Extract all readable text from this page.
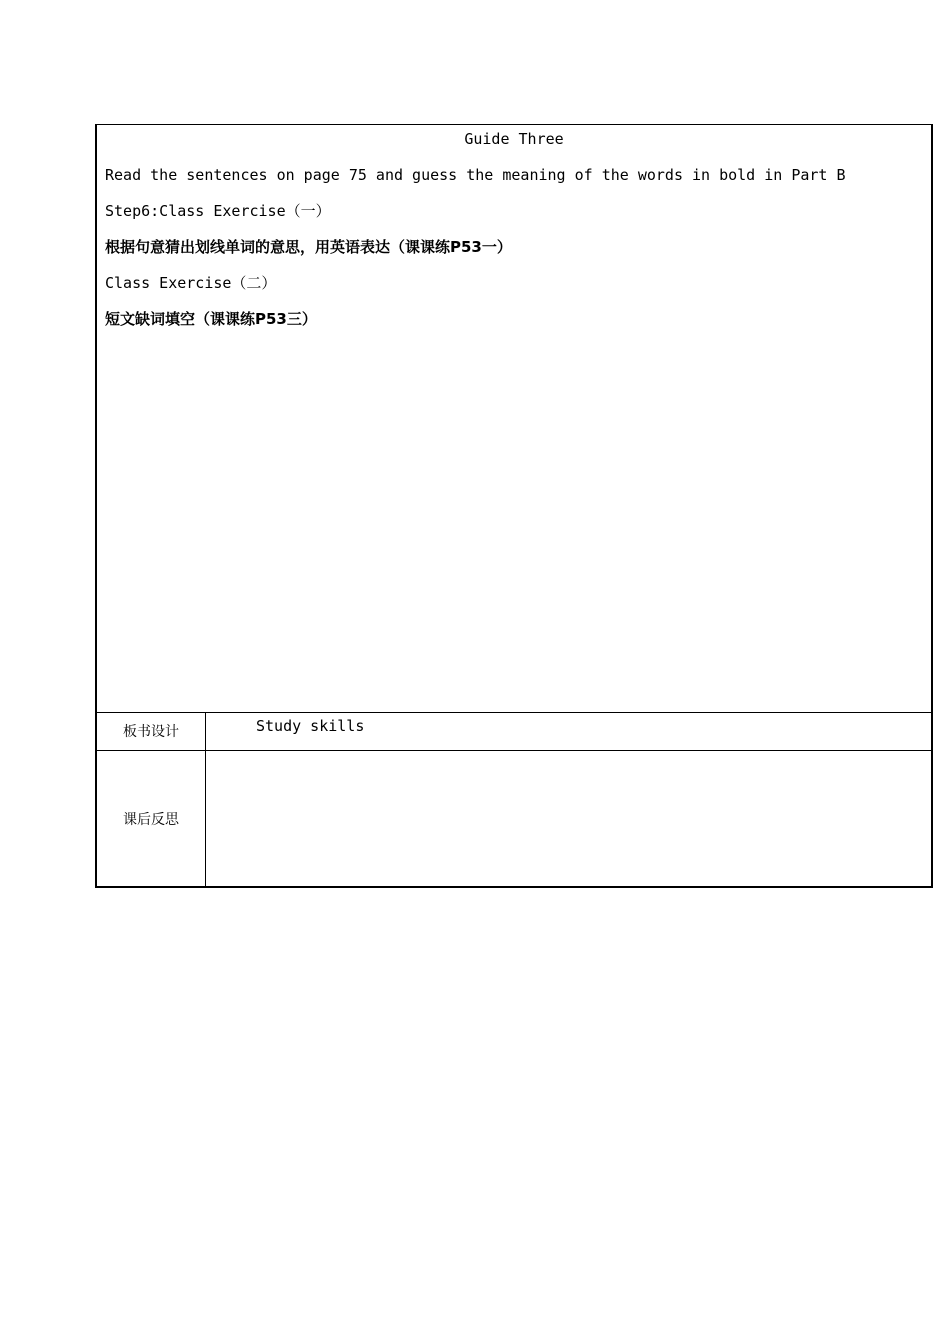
Guide Three
Read the sentences on page 75 and guess the meaning of the words in bold in Part B
Step6:Class Exercise（一）
根据句意猜出划线单词的意思，用英语表达（课课练P53一）
Class Exercise（二）
短文缺词填空（课课练P53三）
板书设计	Study skills
课后反思
